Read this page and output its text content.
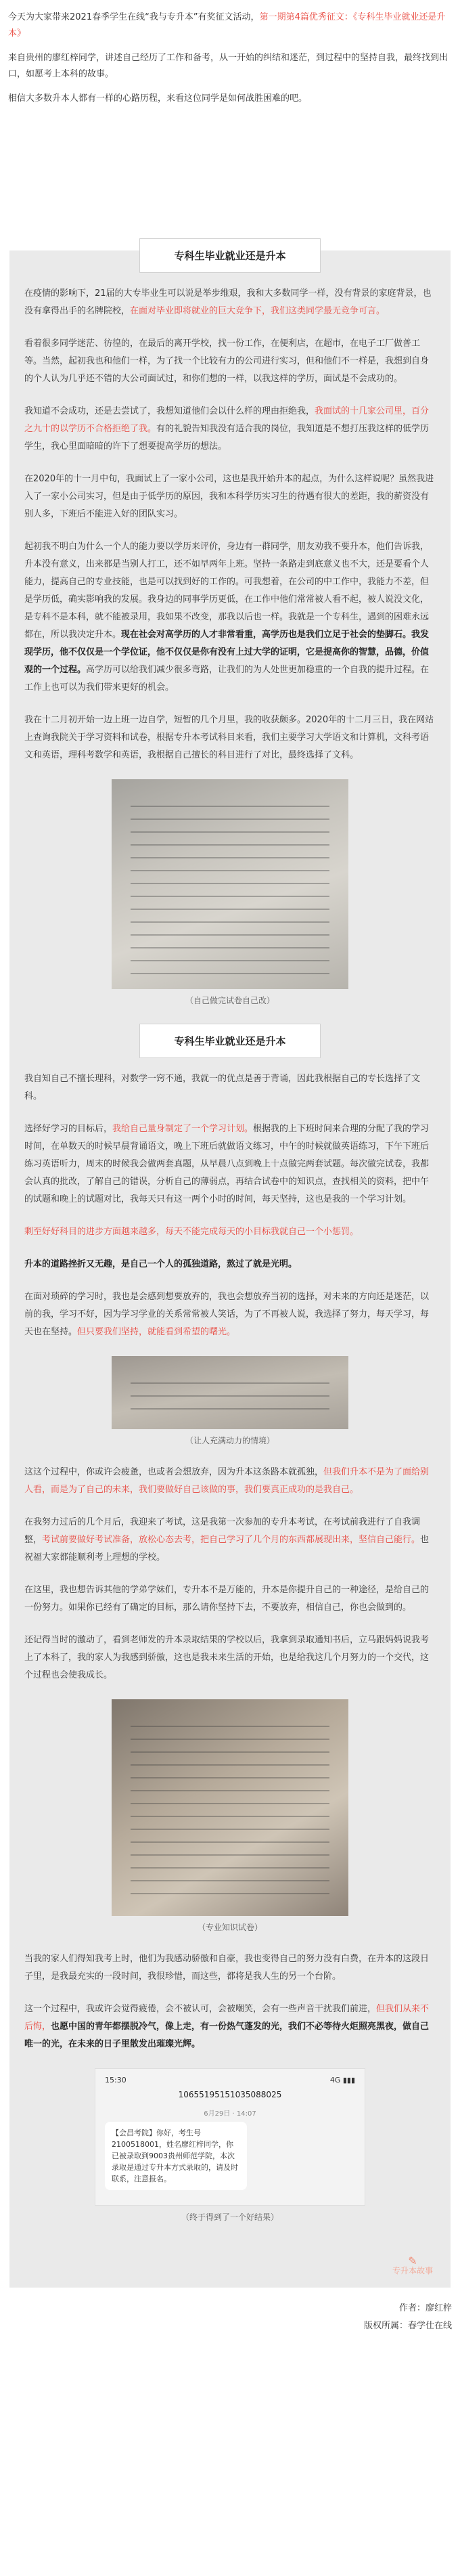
今天为大家带来2021春季学生在线“我与专升本”有奖征文活动，第一期第4篇优秀征文：《专科生毕业就业还是升本》

来自贵州的廖红梓同学，讲述自己经历了工作和备考，从一开始的纠结和迷茫，到过程中的坚持自我，最终找到出口，如愿考上本科的故事。

相信大多数升本人都有一样的心路历程，来看这位同学是如何战胜困难的吧。

专科生毕业就业还是升本

在疫情的影响下，21届的大专毕业生可以说是举步维艰，我和大多数同学一样，没有背景的家庭背景，也没有拿得出手的名牌院校，在面对毕业即将就业的巨大竞争下，我们这类同学最无竞争可言。

看着很多同学迷茫、彷徨的，在最后的离开学校，找一份工作，在便利店，在超市，在电子工厂做普工等。当然，起初我也和他们一样，为了找一个比较有力的公司进行实习，但和他们不一样是，我想到自身的个人认为几乎还不错的大公司面试过，和你们想的一样，以我这样的学历，面试是不会成功的。

我知道不会成功，还是去尝试了，我想知道他们会以什么样的理由拒绝我，我面试的十几家公司里，百分之九十的以学历不合格拒绝了我。有的礼貌告知我没有适合我的岗位，我知道是不想打压我这样的低学历学生，我心里面暗暗的许下了想要提高学历的想法。

在2020年的十一月中旬，我面试上了一家小公司，这也是我开始升本的起点，为什么这样说呢？虽然我进入了一家小公司实习，但是由于低学历的原因，我和本科学历实习生的待遇有很大的差距，我的薪资没有别人多，下班后不能进入好的团队实习。

起初我不明白为什么一个人的能力要以学历来评价，身边有一群同学，朋友劝我不要升本，他们告诉我，升本没有意义，出来都是当别人打工，还不如早两年上班。坚持一条路走到底意义也不大，还是要看个人能力，提高自己的专业技能，也是可以找到好的工作的。可我想着，在公司的中工作中，我能力不差，但是学历低，确实影响我的发展。我身边的同事学历更低，在工作中他们常常被人看不起，被人说没文化，是专科不是本科，就不能被录用，我如果不改变，那我以后也一样。我就是一个专科生，遇到的困难永远都在，所以我决定升本。现在社会对高学历的人才非常看重，高学历也是我们立足于社会的垫脚石。我发现学历，他不仅仅是一个学位证，他不仅仅是你有没有上过大学的证明，它是提高你的智慧，品德，价值观的一个过程。高学历可以给我们减少很多弯路，让我们的为人处世更加稳重的一个自我的提升过程。在工作上也可以为我们带来更好的机会。

我在十二月初开始一边上班一边自学，短暂的几个月里，我的收获颇多。2020年的十二月三日，我在网站上查询我院关于学习资料和试卷，根据专升本考试科目来看，我们主要学习大学语文和计算机，文科考语文和英语，理科考数学和英语，我根据自己擅长的科目进行了对比，最终选择了文科。

（自己做完试卷自己改）
专科生毕业就业还是升本

我自知自己不擅长理科，对数学一窍不通，我就一的优点是善于背诵，因此我根据自己的专长选择了文科。

选择好学习的目标后，我给自己量身制定了一个学习计划。根据我的上下班时间来合理的分配了我的学习时间，在单数天的时候早晨背诵语文，晚上下班后就做语文练习，中午的时候就做英语练习，下午下班后练习英语听力，周末的时候我会做两套真题，从早晨八点到晚上十点做完两套试题。每次做完试卷，我都会认真的批改，了解自己的错误，分析自己的薄弱点，再结合试卷中的知识点，查找相关的资料，把中午的试题和晚上的试题对比，我每天只有这一两个小时的时间，每天坚持，这也是我的一个学习计划。

剩至好好科目的进步方面越来越多，每天不能完成每天的小目标我就自己一个小惩罚。

升本的道路挫折又无趣，是自己一个人的孤独道路，熬过了就是光明。

在面对琐碎的学习时，我也是会感到想要放弃的，我也会想放弃当初的选择，对未来的方向还是迷茫，以前的我，学习不好，因为学习学业的关系常常被人笑话，为了不再被人说，我选择了努力，每天学习，每天也在坚持。但只要我们坚持，就能看到希望的曙光。

（让人充满动力的情境）

这这个过程中，你或许会疲惫，也或者会想放弃，因为升本这条路本就孤独，但我们升本不是为了面给别人看，而是为了自己的未来，我们要做好自己该做的事，我们要真正成功的是我自己。

在我努力过后的几个月后，我迎来了考试，这是我第一次参加的专升本考试，在考试前我进行了自我调整，考试前要做好考试准备，放松心态去考，把自己学习了几个月的东西都展现出来，坚信自己能行。也祝福大家都能顺利考上理想的学校。

在这里，我也想告诉其他的学弟学妹们，专升本不是万能的，升本是你提升自己的一种途径，是给自己的一份努力。如果你已经有了确定的目标，那么请你坚持下去，不要放弃，相信自己，你也会做到的。

还记得当时的激动了，看到老师发的升本录取结果的学校以后，我拿到录取通知书后，立马跟妈妈说我考上了本科了，我的家人为我感到骄傲，这也是我未来生活的开始，也是给我这几个月努力的一个交代，这个过程也会使我成长。

（专业知识试卷）

当我的家人们得知我考上时，他们为我感动骄傲和自豪，我也变得自己的努力没有白费，在升本的这段日子里，是我最充实的一段时间，我很珍惜，而这些，都将是我人生的另一个台阶。

这一个过程中，我或许会觉得疲倦，会不被认可，会被嘲笑，会有一些声音干扰我们前进，但我们从来不后悔，也愿中国的青年都摆脱冷气，像上走，有一份热气蓬发的光，我们不必等待火炬照亮黑夜，做自己唯一的光，在未来的日子里散发出璀璨光辉。

15:30	4G ▮▮▮
10655195151035088025
6月29日 · 14:07
【会昌考院】你好，考生号2100518001，姓名廖红梓同学，你已被录取到9003贵州师范学院，本次录取是通过专升本方式录取的，请及时联系，注意报名。
（终于得到了一个好结果）
✎
专升本故事
作者：廖红梓
版权所属：春学仕在线
